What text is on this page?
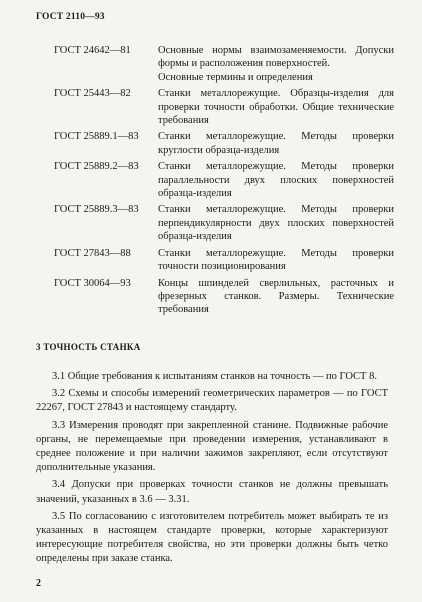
ГОСТ 2110—93
ГОСТ 24642—81	Основные нормы взаимозаменяемости. Допуски формы и расположения поверхностей.
Основные термины и определения
ГОСТ 25443—82	Станки металлорежущие. Образцы-изделия для проверки точности обработки. Общие технические требования
ГОСТ 25889.1—83	Станки металлорежущие. Методы проверки круглости образца-изделия
ГОСТ 25889.2—83	Станки металлорежущие. Методы проверки параллельности двух плоских поверхностей образца-изделия
ГОСТ 25889.3—83	Станки металлорежущие. Методы проверки перпендикулярности двух плоских поверхностей образца-изделия
ГОСТ 27843—88	Станки металлорежущие. Методы проверки точности позиционирования
ГОСТ 30064—93	Концы шпинделей сверлильных, расточных и фрезерных станков. Размеры. Технические требования
3 ТОЧНОСТЬ СТАНКА

3.1 Общие требования к испытаниям станков на точность — по ГОСТ 8.

3.2 Схемы и способы измерений геометрических параметров — по ГОСТ 22267, ГОСТ 27843 и настоящему стандарту.

3.3 Измерения проводят при закрепленной станине. Подвижные рабочие органы, не перемещаемые при проведении измерения, устанавливают в среднее положение и при наличии зажимов закрепляют, если отсутствуют дополнительные указания.

3.4 Допуски при проверках точности станков не должны превышать значений, указанных в 3.6 — 3.31.

3.5 По согласованию с изготовителем потребитель может выбирать те из указанных в настоящем стандарте проверки, которые характеризуют интересующие потребителя свойства, но эти проверки должны быть четко определены при заказе станка.

2
